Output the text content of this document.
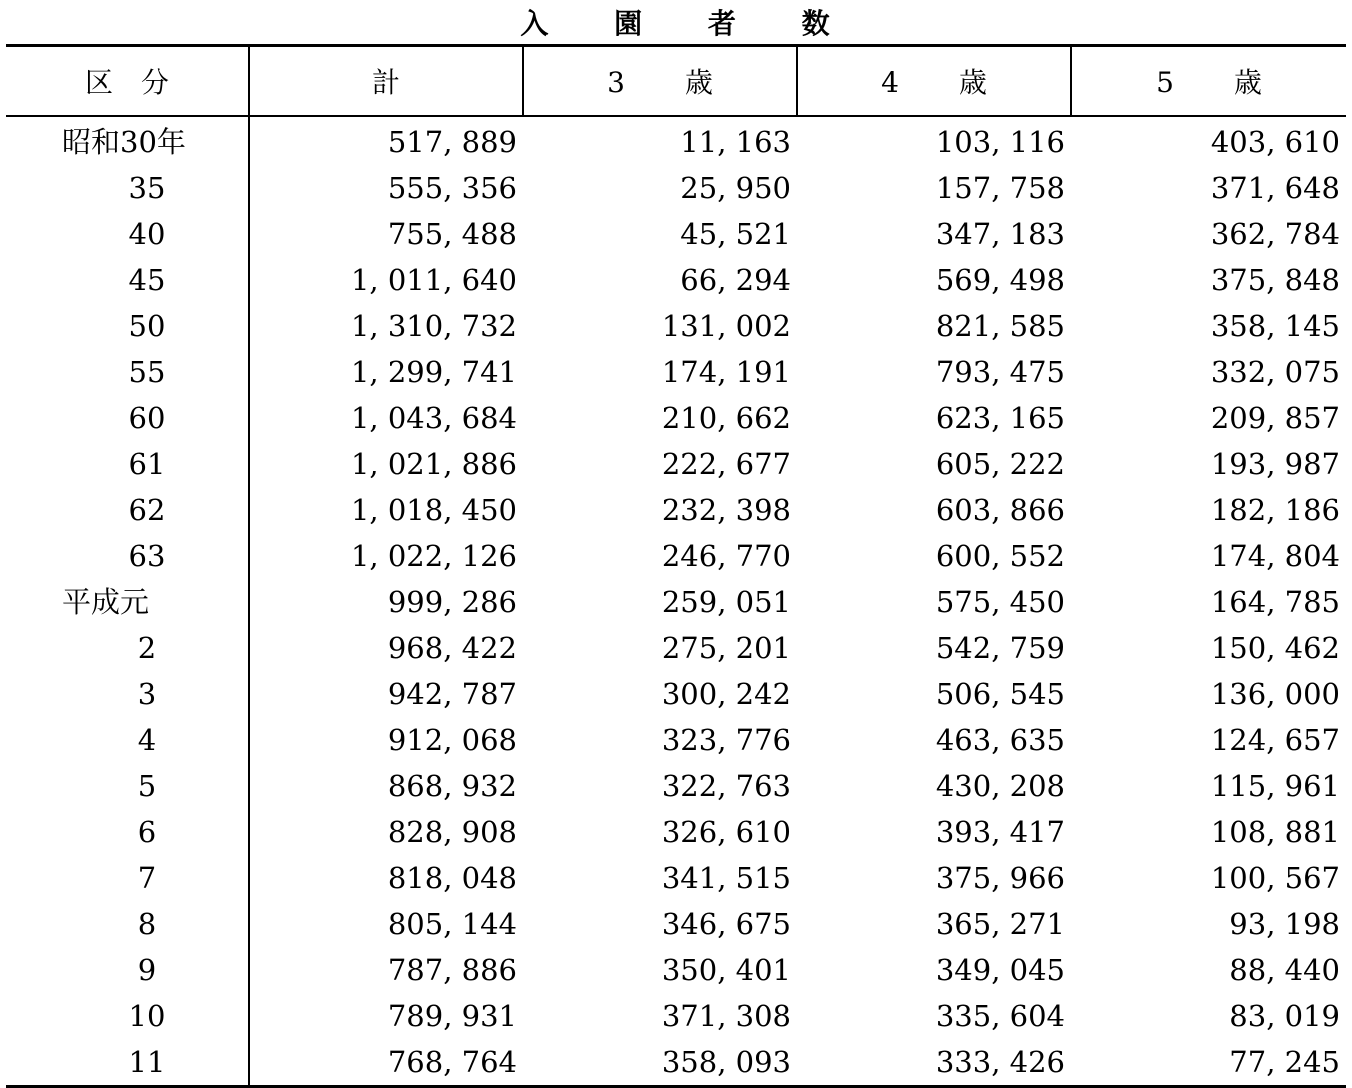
入 園 者 数
区 分	計	3 歳	4 歳	5 歳
昭和30年	517, 889	11, 163	103, 116	403, 610
35	555, 356	25, 950	157, 758	371, 648
40	755, 488	45, 521	347, 183	362, 784
45	1, 011, 640	66, 294	569, 498	375, 848
50	1, 310, 732	131, 002	821, 585	358, 145
55	1, 299, 741	174, 191	793, 475	332, 075
60	1, 043, 684	210, 662	623, 165	209, 857
61	1, 021, 886	222, 677	605, 222	193, 987
62	1, 018, 450	232, 398	603, 866	182, 186
63	1, 022, 126	246, 770	600, 552	174, 804
平成元	999, 286	259, 051	575, 450	164, 785
2	968, 422	275, 201	542, 759	150, 462
3	942, 787	300, 242	506, 545	136, 000
4	912, 068	323, 776	463, 635	124, 657
5	868, 932	322, 763	430, 208	115, 961
6	828, 908	326, 610	393, 417	108, 881
7	818, 048	341, 515	375, 966	100, 567
8	805, 144	346, 675	365, 271	93, 198
9	787, 886	350, 401	349, 045	88, 440
10	789, 931	371, 308	335, 604	83, 019
11	768, 764	358, 093	333, 426	77, 245
